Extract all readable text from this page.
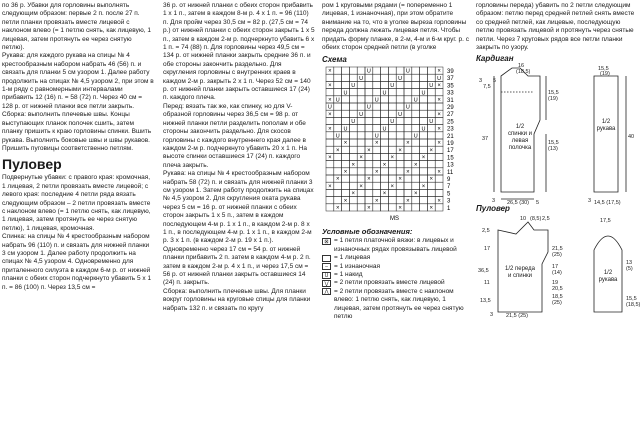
по 36 р. Убавки для горловины выполнять следующим образом: первые 2 п. после 27 п. петли планки провязать вместе лицевой с наклоном влево (= 1 петлю снять, как лицевую, 1 лицевая, затем протянуть ее через снятую петлю).
Рукава: для каждого рукава на спицы № 4 крестообразным набором набрать 46 (56) п. и связать для планки 5 см узором 1. Далее работу продолжить на спицах № 4,5 узором 2, при этом в 1-м ряду с равномерными интервалами прибавить 12 (16) п. = 58 (72) п. Через 40 см = 128 р. от нижней планки все петли закрыть.
Сборка: выполнить плечевые швы. Концы выступающих планок полочек сшить, затем планку пришить к краю горловины спинки. Вшить рукава. Выполнить боковые швы и швы рукавов. Пришить пуговицы соответственно петлям.
Пуловер
Подвернутые убавки: с правого края: кромочная, 1 лицевая, 2 петли провязать вместе лицевой; с левого края: последние 4 петли ряда вязать следующим образом – 2 петли провязать вместе с наклоном влево (= 1 петлю снять, как лицевую, 1 лицевая, затем протянуть ее через снятую петлю), 1 лицевая, кромочная.
Спинка: на спицы № 4 крестообразным набором набрать 96 (110) п. и связать для нижней планки 3 см узором 1. Далее работу продолжить на спицах № 4,5 узором 4. Одновременно для приталенного силуэта в каждом 6-м р. от нижней планки с обеих сторон подчеркнуто убавить 5 x 1 п. = 86 (100) п. Через 13,5 см =
36 р. от нижней планки с обеих сторон прибавить 1 x 1 п., затем в каждом 8-м р. 4 x 1 п. = 96 (110) п. Для пройм через 30,5 см = 82 р. (27,5 см = 74 р.) от нижней планки с обеих сторон закрыть 1 x 5 п., затем в каждом 2-м р. подчеркнуто убавить 6 x 1 п. = 74 (88) п. Для горловины через 49,5 см = 134 р. от нижней планки закрыть средние 36 п. и обе стороны закончить раздельно. Для скругления горловины с внутренних краев в каждом 2-м р. закрыть 2 x 1 п. Через 52 см = 140 р. от нижней планки закрыть оставшиеся 17 (24) п. каждого плеча.
Перед: вязать так же, как спинку, но для V-образной горловины через 36,5 см = 98 р. от нижней планки петли разделить пополам и обе стороны закончить раздельно. Для скосов горловины с каждого внутреннего края далее в каждом 2-м р. подчеркнуто убавить 20 x 1 п. На высоте спинки оставшиеся 17 (24) п. каждого плеча закрыть.
Рукава: на спицы № 4 крестообразным набором набрать 58 (72) п. и связать для нижней планки 3 см узором 1. Затем работу продолжить на спицах № 4,5 узором 2. Для скругления оката рукава через 5 см = 16 р. от нижней планки с обеих сторон закрыть 1 x 5 п., затем в каждом последующем 4-м р. 1 x 1 п., в каждом 2-м р. 8 x 1 п., в последующем 4-м р. 1 x 1 п., в каждом 2-м р. 3 x 1 п. (в каждом 2-м р. 19 x 1 п.). Одновременно через 17 см = 54 р. от нижней планки прибавить 2 п. затем в каждом 4-м р. 2 п. затем в каждом 2-м р. 4 x 1 п., и через 17,5 см = 56 р. от нижней планки закрыть оставшиеся 14 (24) п. закрыть.
Сборка: выполнить плечевые швы. Для планки вокруг горловины на круговые спицы для планки набрать 132 п. и связать по кругу
ром 1 круговыми рядами (= попеременно 1 лицевая, 1 изнаночная), при этом обратите внимание на то, что в уголке выреза горловины переда должна лежать лицевая петля. Чтобы придать форму планке, в 2-м, 4-м и 6-м круг. р. с обеих сторон средней петли (в уголке
Схема
×	U	U	×
U	U	U
×	U	U	U ×
U	U	U
× U	U	U	×
U	U	U
×	U	U	×
U	U	U
× U	U	U ×
U	U	U
×	×	×	×
×	×	×	×
×	×	×	×
×	×	×
×	×	×	×
×	×	×	×
×	×	×	×
×	×	×
×	×	×	×
×	×	×	×
39
37
35
33
31
29
27
25
23
21
19
17
15
13
11
9
7
5
3
1
MS
Условные обозначения:
⊠ = 1 петля платочной вязки: в лицевых и изнаночных рядах провязывать лицевой
= 1 лицевая
– = 1 изнаночная
U = 1 накид
⋁ = 2 петли провязать вместе лицевой
⋀ = 2 петли провязать вместе с наклоном влево: 1 петлю снять, как лицевую, 1 лицевая, затем протянуть ее через снятую петлю
горловины переда) убавить по 2 петли следующим образом: петлю перед средней петлей снять вместе со средней петлей, как лицевые, последующую петлю провязать лицевой и протянуть через снятые петли. Через 7 круговых рядов все петли планки закрыть по узору.
Кардиган
16
(18,5)
3
7,5
5
15,5
(19)
15,5
(13)
37
3 26,5 (30) 5
15,5
(19)
40
3 14,5 (17,5)
1/2 спинки и левая полочка
1/2 рукава
Пуловер
10 (8,5) 2,5
2,5
17
36,5
11
13,5
21,5
(25)
17
(14)
19
20,5
18,5
(25)
17,5
13
(5)
15,5
(18,5)
3 21,5 (25)
1/2 переда и спинки	1/2 рукава
